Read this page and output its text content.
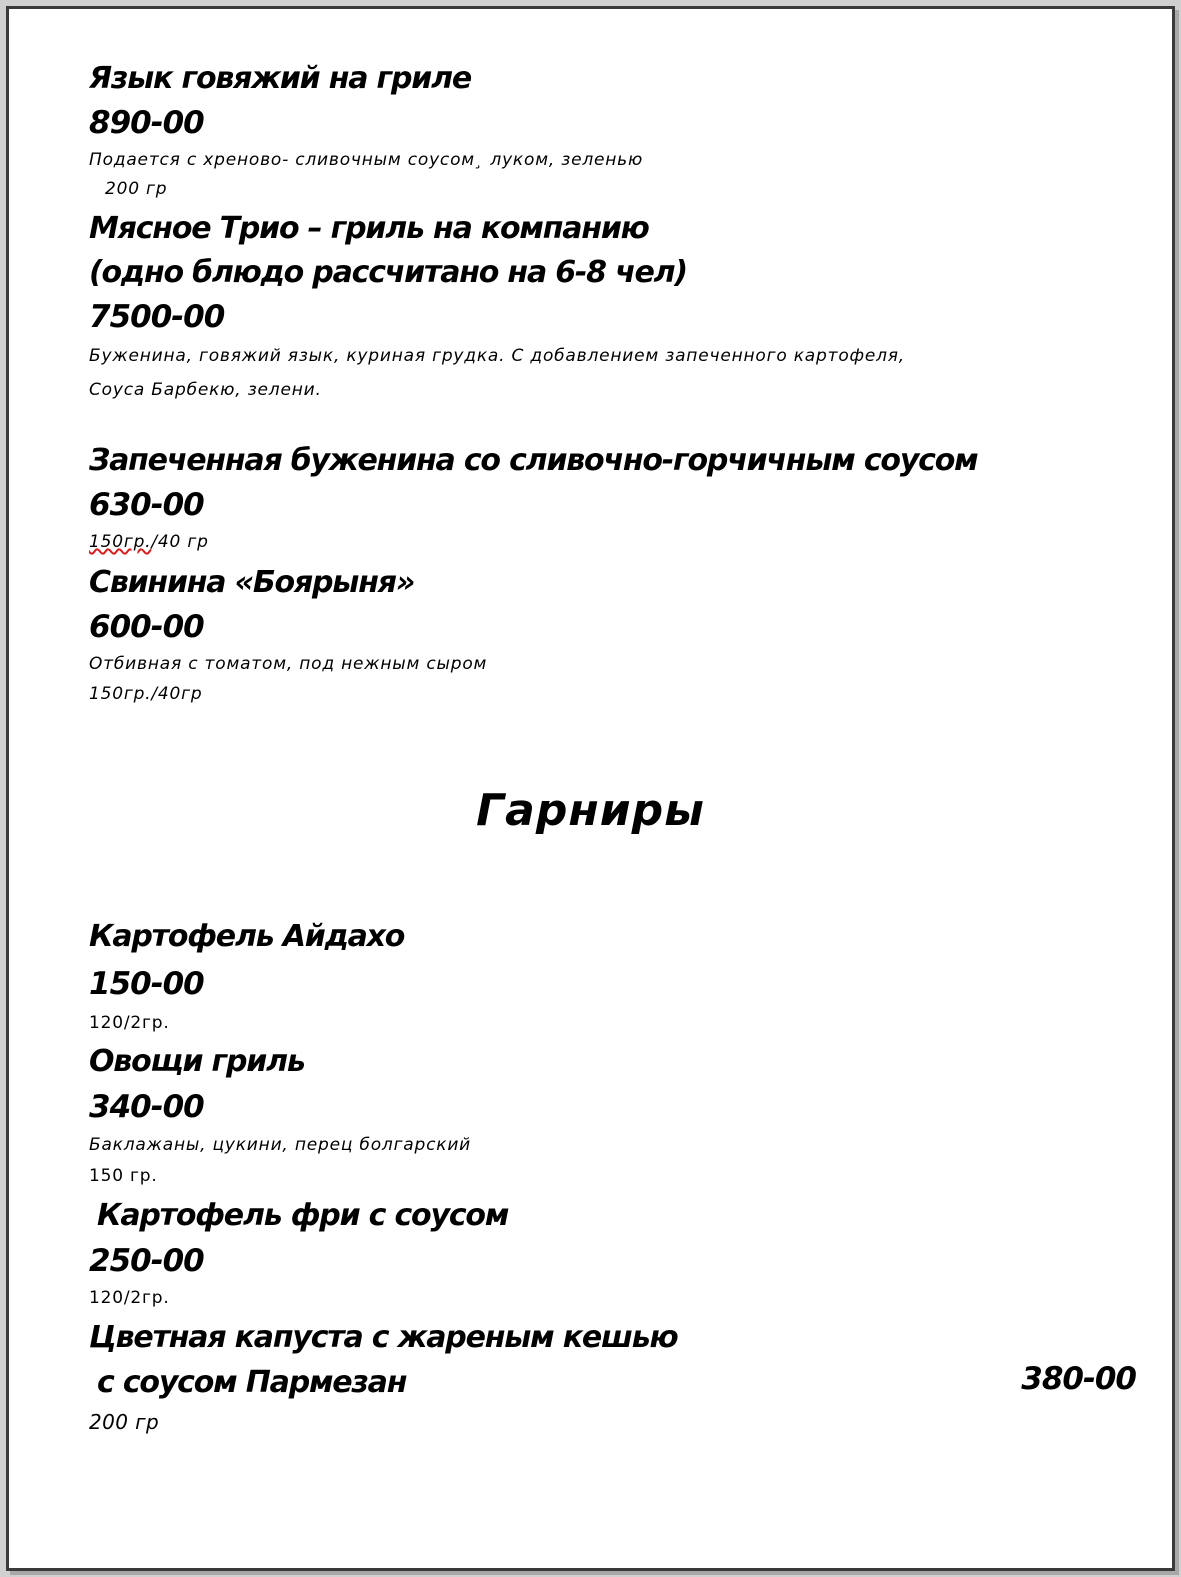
Язык говяжий на гриле
890-00
Подается с хреново- сливочным соусом¸ луком, зеленью
200 гр
Мясное Трио – гриль на компанию
(одно блюдо рассчитано на 6-8 чел)
7500-00
Буженина, говяжий язык, куриная грудка. С добавлением запеченного картофеля,
Соуса Барбекю, зелени.
Запеченная буженина со сливочно-горчичным соусом
630-00
150гр./40 гр
Свинина «Боярыня»
600-00
Отбивная с томатом, под нежным сыром
150гр./40гр
Гарниры
Картофель Айдахо
150-00
120/2гр.
Овощи гриль
340-00
Баклажаны, цукини, перец болгарский
150 гр.
Картофель фри с соусом
250-00
120/2гр.
Цветная капуста с жареным кешью
с соусом Пармезан
200 гр
380-00
